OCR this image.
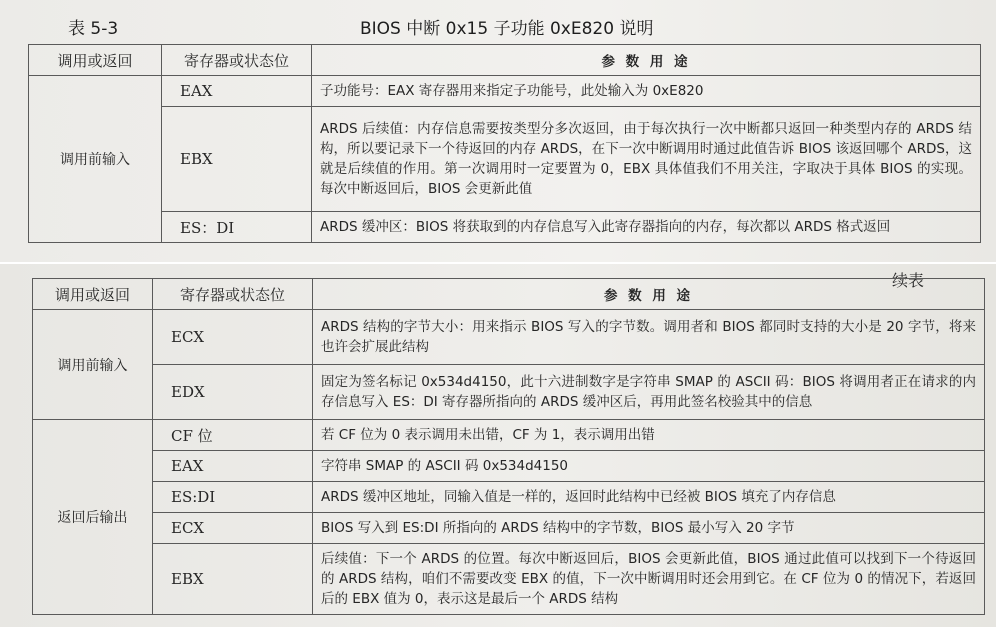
表 5-3	BIOS 中断 0x15 子功能 0xE820 说明
续表
调用或返回	寄存器或状态位	参 数 用 途
调用前输入	EAX	子功能号：EAX 寄存器用来指定子功能号，此处输入为 0xE820
	EBX	ARDS 后续值：内存信息需要按类型分多次返回，由于每次执行一次中断都只返回一种类型内存的 ARDS 结构，所以要记录下一个待返回的内存 ARDS，在下一次中断调用时通过此值告诉 BIOS 该返回哪个 ARDS，这就是后续值的作用。第一次调用时一定要置为 0，EBX 具体值我们不用关注，字取决于具体 BIOS 的实现。每次中断返回后，BIOS 会更新此值
	ES：DI	ARDS 缓冲区：BIOS 将获取到的内存信息写入此寄存器指向的内存，每次都以 ARDS 格式返回
调用或返回	寄存器或状态位	参 数 用 途
调用前输入	ECX	ARDS 结构的字节大小：用来指示 BIOS 写入的字节数。调用者和 BIOS 都同时支持的大小是 20 字节，将来也许会扩展此结构
	EDX	固定为签名标记 0x534d4150，此十六进制数字是字符串 SMAP 的 ASCII 码：BIOS 将调用者正在请求的内存信息写入 ES：DI 寄存器所指向的 ARDS 缓冲区后，再用此签名校验其中的信息
返回后输出	CF 位	若 CF 位为 0 表示调用未出错，CF 为 1，表示调用出错
	EAX	字符串 SMAP 的 ASCII 码 0x534d4150
	ES:DI	ARDS 缓冲区地址，同输入值是一样的，返回时此结构中已经被 BIOS 填充了内存信息
	ECX	BIOS 写入到 ES:DI 所指向的 ARDS 结构中的字节数，BIOS 最小写入 20 字节
	EBX	后续值：下一个 ARDS 的位置。每次中断返回后，BIOS 会更新此值，BIOS 通过此值可以找到下一个待返回的 ARDS 结构，咱们不需要改变 EBX 的值，下一次中断调用时还会用到它。在 CF 位为 0 的情况下，若返回后的 EBX 值为 0，表示这是最后一个 ARDS 结构
